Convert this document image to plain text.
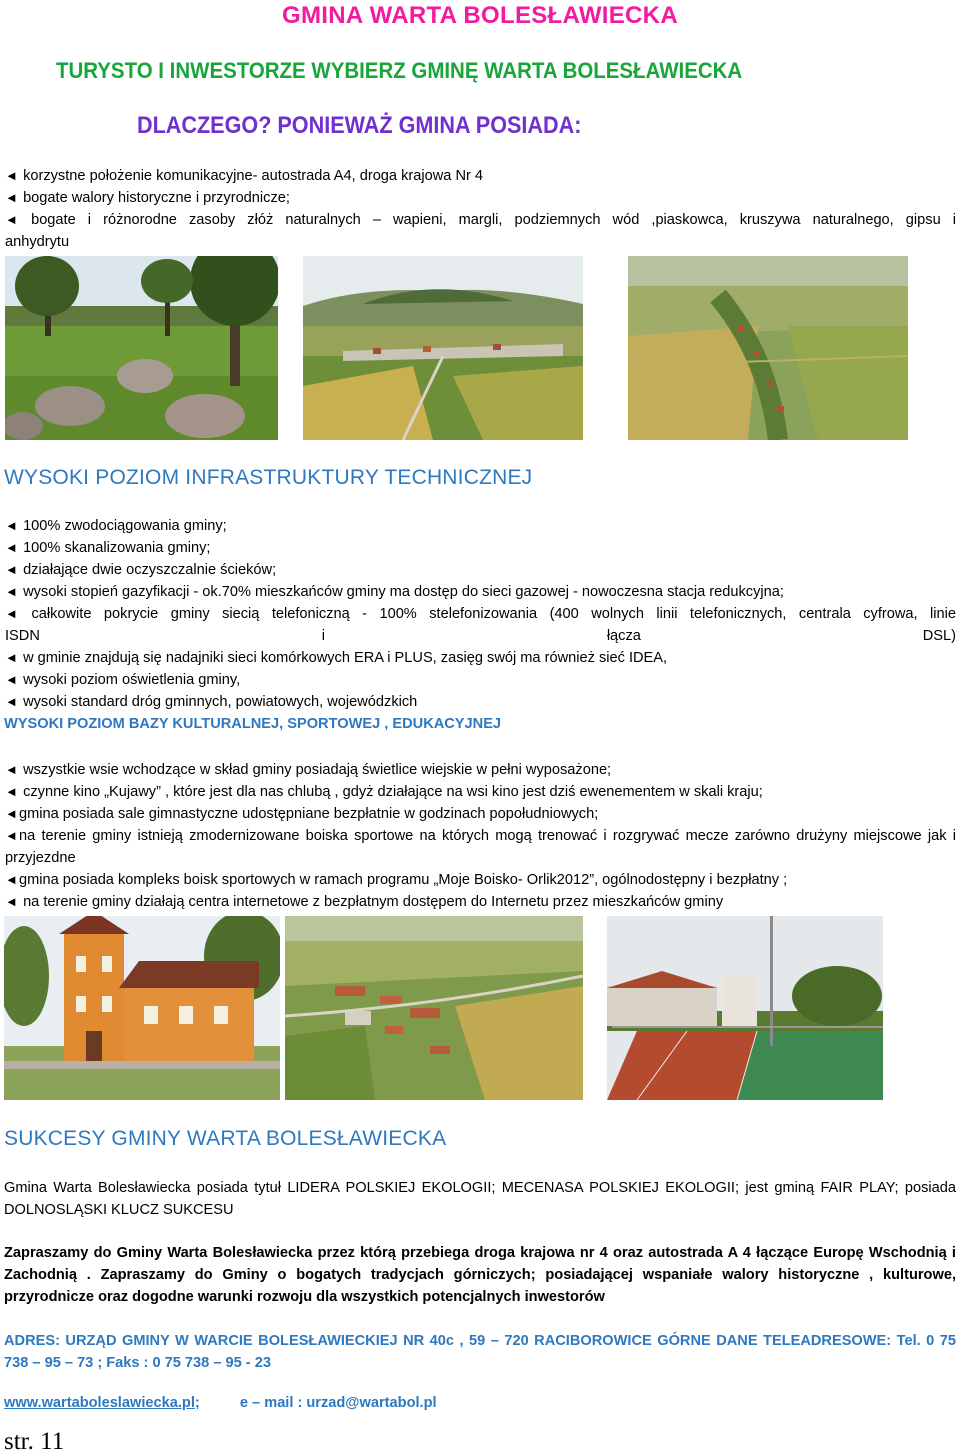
GMINA WARTA BOLESŁAWIECKA
TURYSTO I INWESTORZE WYBIERZ GMINĘ WARTA BOLESŁAWIECKA
DLACZEGO? PONIEWAŻ GMINA POSIADA:
◄ korzystne położenie komunikacyjne- autostrada A4, droga krajowa Nr 4
◄ bogate walory historyczne i przyrodnicze;
◄ bogate i różnorodne zasoby złóż naturalnych – wapieni, margli, podziemnych wód ,piaskowca, kruszywa naturalnego, gipsu i
anhydrytu
WYSOKI POZIOM INFRASTRUKTURY TECHNICZNEJ
◄ 100% zwodociągowania gminy;
◄ 100% skanalizowania gminy;
◄ działające dwie oczyszczalnie ścieków;
◄ wysoki stopień gazyfikacji - ok.70% mieszkańców gminy ma dostęp do sieci gazowej - nowoczesna stacja redukcyjna;
◄ całkowite pokrycie gminy siecią telefoniczną - 100% stelefonizowania (400 wolnych linii telefonicznych, centrala cyfrowa, linie
ISDN	i	łącza	DSL)
◄ w gminie znajdują się nadajniki sieci komórkowych ERA i PLUS, zasięg swój ma również sieć IDEA,
◄ wysoki poziom oświetlenia gminy,
◄ wysoki standard dróg gminnych, powiatowych, wojewódzkich
WYSOKI POZIOM BAZY KULTURALNEJ, SPORTOWEJ , EDUKACYJNEJ
◄ wszystkie wsie wchodzące w skład gminy posiadają świetlice wiejskie w pełni wyposażone;
◄ czynne kino „Kujawy” , które jest dla nas chlubą , gdyż działające na wsi kino jest dziś ewenementem w skali kraju;
◄gmina posiada sale gimnastyczne udostępniane bezpłatnie w godzinach popołudniowych;
◄na terenie gminy istnieją zmodernizowane boiska sportowe na których mogą trenować i rozgrywać mecze zarówno drużyny miejscowe jak i przyjezdne
◄gmina posiada kompleks boisk sportowych w ramach programu „Moje Boisko- Orlik2012”, ogólnodostępny i bezpłatny ;
◄ na terenie gminy działają centra internetowe z bezpłatnym dostępem do Internetu przez mieszkańców gminy
SUKCESY GMINY WARTA BOLESŁAWIECKA
Gmina Warta Bolesławiecka posiada tytuł LIDERA POLSKIEJ EKOLOGII; MECENASA POLSKIEJ EKOLOGII; jest gminą FAIR PLAY; posiada DOLNOSLĄSKI KLUCZ SUKCESU
Zapraszamy do Gminy Warta Bolesławiecka przez którą przebiega droga krajowa nr 4 oraz autostrada A 4 łączące Europę Wschodnią i Zachodnią . Zapraszamy do Gminy o bogatych tradycjach górniczych; posiadającej wspaniałe walory historyczne , kulturowe, przyrodnicze oraz dogodne warunki rozwoju dla wszystkich potencjalnych inwestorów
ADRES: URZĄD GMINY W WARCIE BOLESŁAWIECKIEJ NR 40c , 59 – 720 RACIBOROWICE GÓRNE DANE TELEADRESOWE: Tel. 0 75 738 – 95 – 73 ; Faks : 0 75 738 – 95 - 23
www.wartaboleslawiecka.pl;	e – mail : urzad@wartabol.pl
str. 11
